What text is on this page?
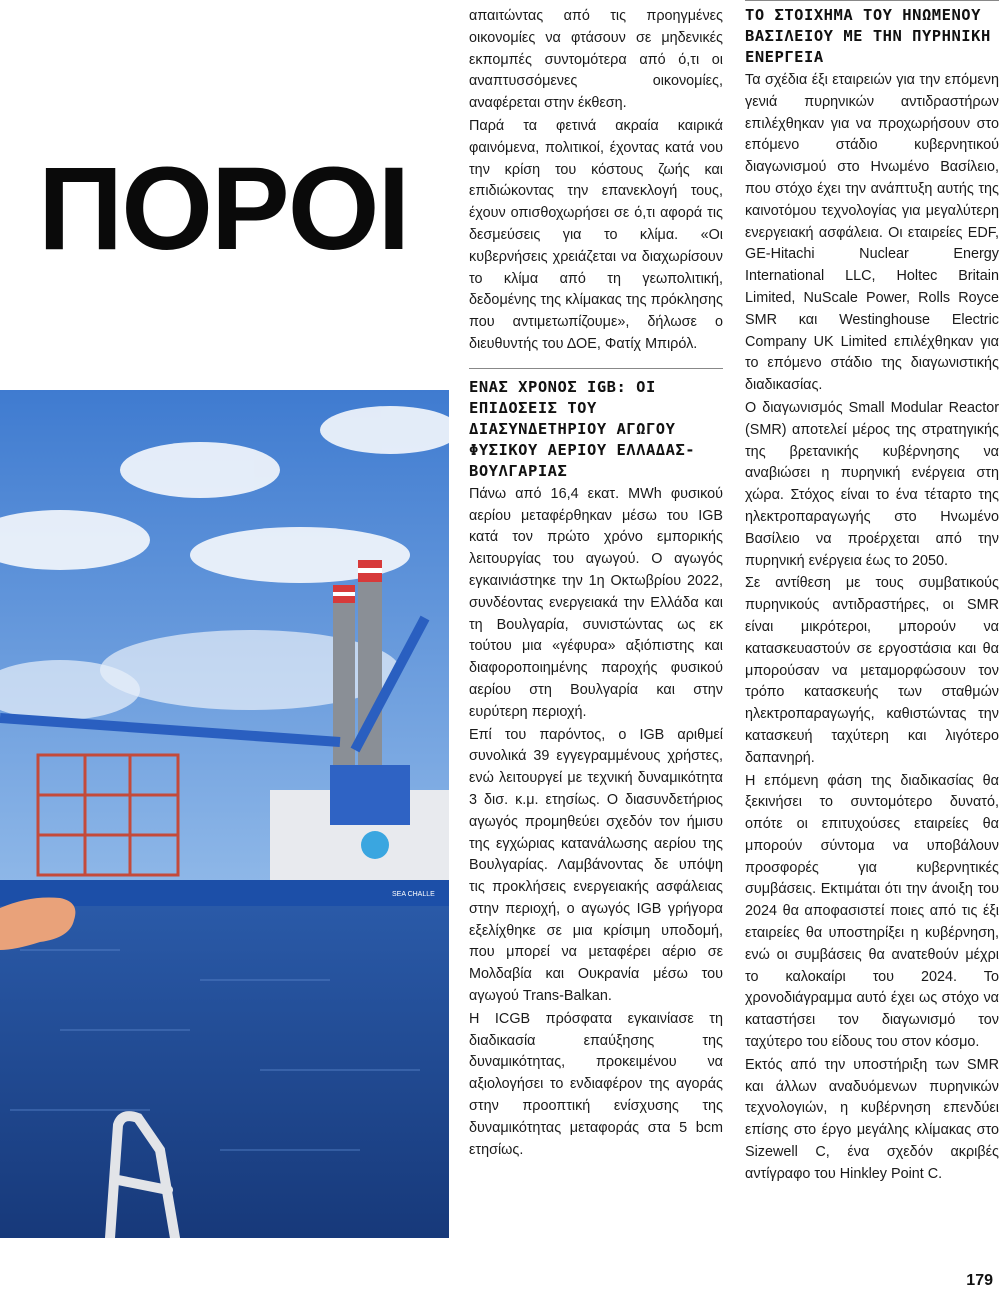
ΠΟΡΟΙ
SEA CHALLE

απαιτώντας από τις προηγμένες οικονομίες να φτάσουν σε μηδενικές εκπομπές συντομότερα από ό,τι οι αναπτυσσόμενες οικονομίες, αναφέρεται στην έκθεση.

Παρά τα φετινά ακραία καιρικά φαινόμενα, πολιτικοί, έχοντας κατά νου την κρίση του κόστους ζωής και επιδιώκοντας την επανεκλογή τους, έχουν οπισθοχωρήσει σε ό,τι αφορά τις δεσμεύσεις για το κλίμα. «Οι κυβερνήσεις χρειάζεται να διαχωρίσουν το κλίμα από τη γεωπολιτική, δεδομένης της κλίμακας της πρόκλησης που αντιμετωπίζουμε», δήλωσε ο διευθυντής του ΔΟΕ, Φατίχ Μπιρόλ.

ΕΝΑΣ ΧΡΟΝΟΣ IGB: ΟΙ ΕΠΙΔΟΣΕΙΣ ΤΟΥ ΔΙΑΣΥΝΔΕΤΗΡΙΟΥ ΑΓΩΓΟΥ ΦΥΣΙΚΟΥ ΑΕΡΙΟΥ ΕΛΛΑΔΑΣ-ΒΟΥΛΓΑΡΙΑΣ

Πάνω από 16,4 εκατ. MWh φυσικού αερίου μεταφέρθηκαν μέσω του IGB κατά τον πρώτο χρόνο εμπορικής λειτουργίας του αγωγού. Ο αγωγός εγκαινιάστηκε την 1η Οκτωβρίου 2022, συνδέοντας ενεργειακά την Ελλάδα και τη Βουλγαρία, συνιστώντας ως εκ τούτου μια «γέφυρα» αξιόπιστης και διαφοροποιημένης παροχής φυσικού αερίου στη Βουλγαρία και στην ευρύτερη περιοχή.

Επί του παρόντος, ο IGB αριθμεί συνολικά 39 εγγεγραμμένους χρήστες, ενώ λειτουργεί με τεχνική δυναμικότητα 3 δισ. κ.μ. ετησίως. Ο διασυνδετήριος αγωγός προμηθεύει σχεδόν τον ήμισυ της εγχώριας κατανάλωσης αερίου της Βουλγαρίας. Λαμβάνοντας δε υπόψη τις προκλήσεις ενεργειακής ασφάλειας στην περιοχή, ο αγωγός IGB γρήγορα εξελίχθηκε σε μια κρίσιμη υποδομή, που μπορεί να μεταφέρει αέριο σε Μολδαβία και Ουκρανία μέσω του αγωγού Trans-Balkan.

Η ICGB πρόσφατα εγκαινίασε τη διαδικασία επαύξησης της δυναμικότητας, προκειμένου να αξιολογήσει το ενδιαφέρον της αγοράς στην προοπτική ενίσχυσης της δυναμικότητας μεταφοράς στα 5 bcm ετησίως.

ΤΟ ΣΤΟΙΧΗΜΑ ΤΟΥ ΗΝΩΜΕΝΟΥ ΒΑΣΙΛΕΙΟΥ ΜΕ ΤΗΝ ΠΥΡΗΝΙΚΗ ΕΝΕΡΓΕΙΑ

Τα σχέδια έξι εταιρειών για την επόμενη γενιά πυρηνικών αντιδραστήρων επιλέχθηκαν για να προχωρήσουν στο επόμενο στάδιο κυβερνητικού διαγωνισμού στο Ηνωμένο Βασίλειο, που στόχο έχει την ανάπτυξη αυτής της καινοτόμου τεχνολογίας για μεγαλύτερη ενεργειακή ασφάλεια. Οι εταιρείες EDF, GE-Hitachi Nuclear Energy International LLC, Holtec Britain Limited, NuScale Power, Rolls Royce SMR και Westinghouse Electric Company UK Limited επιλέχθηκαν για το επόμενο στάδιο της διαγωνιστικής διαδικασίας.

Ο διαγωνισμός Small Modular Reactor (SMR) αποτελεί μέρος της στρατηγικής της βρετανικής κυβέρνησης να αναβιώσει η πυρηνική ενέργεια στη χώρα. Στόχος είναι το ένα τέταρτο της ηλεκτροπαραγωγής στο Ηνωμένο Βασίλειο να προέρχεται από την πυρηνική ενέργεια έως το 2050.

Σε αντίθεση με τους συμβατικούς πυρηνικούς αντιδραστήρες, οι SMR είναι μικρότεροι, μπορούν να κατασκευαστούν σε εργοστάσια και θα μπορούσαν να μεταμορφώσουν τον τρόπο κατασκευής των σταθμών ηλεκτροπαραγωγής, καθιστώντας την κατασκευή ταχύτερη και λιγότερο δαπανηρή.

Η επόμενη φάση της διαδικασίας θα ξεκινήσει το συντομότερο δυνατό, οπότε οι επιτυχούσες εταιρείες θα μπορούν σύντομα να υποβάλουν προσφορές για κυβερνητικές συμβάσεις. Εκτιμάται ότι την άνοιξη του 2024 θα αποφασιστεί ποιες από τις έξι εταιρείες θα υποστηρίξει η κυβέρνηση, ενώ οι συμβάσεις θα ανατεθούν μέχρι το καλοκαίρι του 2024. Το χρονοδιάγραμμα αυτό έχει ως στόχο να καταστήσει τον διαγωνισμό τον ταχύτερο του είδους του στον κόσμο.

Εκτός από την υποστήριξη των SMR και άλλων αναδυόμενων πυρηνικών τεχνολογιών, η κυβέρνηση επενδύει επίσης στο έργο μεγάλης κλίμακας στο Sizewell C, ένα σχεδόν ακριβές αντίγραφο του Hinkley Point C.

179
